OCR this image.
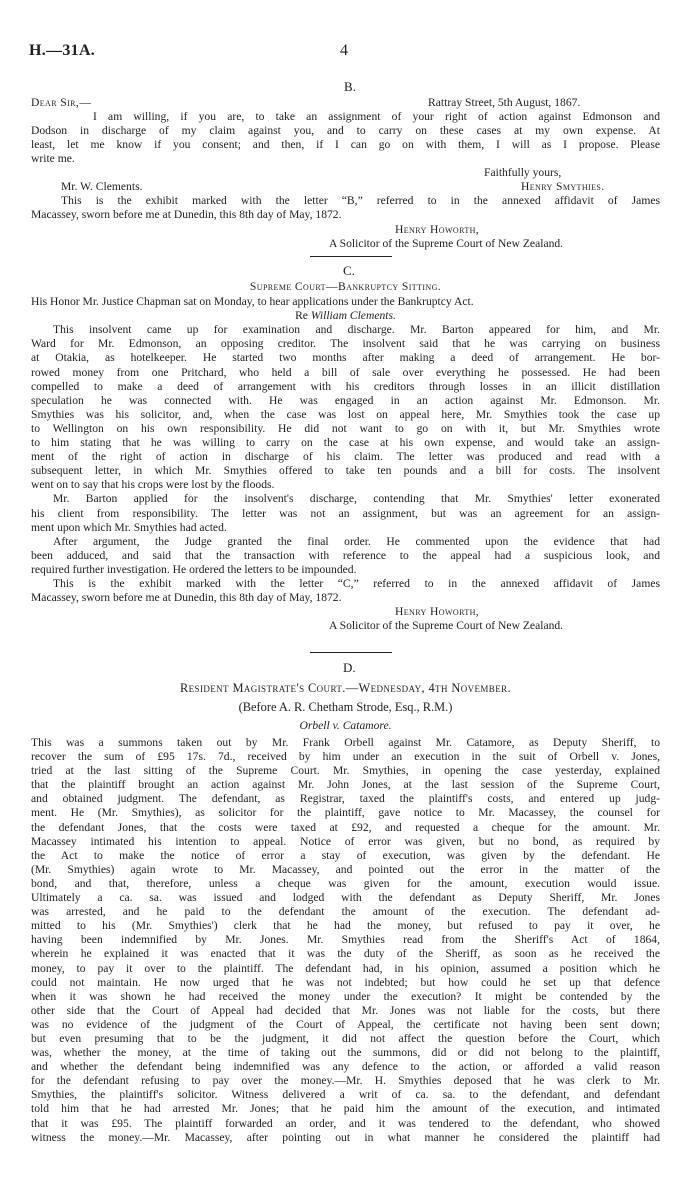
H.—31A.	4
B.
Dear Sir,—	Rattray Street, 5th August, 1867.

I am willing, if you are, to take an assignment of your right of action against Edmonson and

Dodson in discharge of my claim against you, and to carry on these cases at my own expense. At

least, let me know if you consent; and then, if I can go on with them, I will as I propose. Please

write me.

Faithfully yours,
Mr. W. Clements.	Henry Smythies.

This is the exhibit marked with the letter “B,” referred to in the annexed affidavit of James

Macassey, sworn before me at Dunedin, this 8th day of May, 1872.

Henry Howorth,
A Solicitor of the Supreme Court of New Zealand.
C.

Supreme Court—Bankruptcy Sitting.

His Honor Mr. Justice Chapman sat on Monday, to hear applications under the Bankruptcy Act.

Re William Clements.

This insolvent came up for examination and discharge. Mr. Barton appeared for him, and Mr.

Ward for Mr. Edmonson, an opposing creditor. The insolvent said that he was carrying on business

at Otakia, as hotelkeeper. He started two months after making a deed of arrangement. He bor-

rowed money from one Pritchard, who held a bill of sale over everything he possessed. He had been

compelled to make a deed of arrangement with his creditors through losses in an illicit distillation

speculation he was connected with. He was engaged in an action against Mr. Edmonson. Mr.

Smythies was his solicitor, and, when the case was lost on appeal here, Mr. Smythies took the case up

to Wellington on his own responsibility. He did not want to go on with it, but Mr. Smythies wrote

to him stating that he was willing to carry on the case at his own expense, and would take an assign-

ment of the right of action in discharge of his claim. The letter was produced and read with a

subsequent letter, in which Mr. Smythies offered to take ten pounds and a bill for costs. The insolvent

went on to say that his crops were lost by the floods.

Mr. Barton applied for the insolvent's discharge, contending that Mr. Smythies' letter exonerated

his client from responsibility. The letter was not an assignment, but was an agreement for an assign-

ment upon which Mr. Smythies had acted.

After argument, the Judge granted the final order. He commented upon the evidence that had

been adduced, and said that the transaction with reference to the appeal had a suspicious look, and

required further investigation. He ordered the letters to be impounded.

This is the exhibit marked with the letter “C,” referred to in the annexed affidavit of James

Macassey, sworn before me at Dunedin, this 8th day of May, 1872.

Henry Howorth,
A Solicitor of the Supreme Court of New Zealand.
D.

Resident Magistrate's Court.—Wednesday, 4th November.

(Before A. R. Chetham Strode, Esq., R.M.)

Orbell v. Catamore.

This was a summons taken out by Mr. Frank Orbell against Mr. Catamore, as Deputy Sheriff, to

recover the sum of £95 17s. 7d., received by him under an execution in the suit of Orbell v. Jones,

tried at the last sitting of the Supreme Court. Mr. Smythies, in opening the case yesterday, explained

that the plaintiff brought an action against Mr. John Jones, at the last session of the Supreme Court,

and obtained judgment. The defendant, as Registrar, taxed the plaintiff's costs, and entered up judg-

ment. He (Mr. Smythies), as solicitor for the plaintiff, gave notice to Mr. Macassey, the counsel for

the defendant Jones, that the costs were taxed at £92, and requested a cheque for the amount. Mr.

Macassey intimated his intention to appeal. Notice of error was given, but no bond, as required by

the Act to make the notice of error a stay of execution, was given by the defendant. He

(Mr. Smythies) again wrote to Mr. Macassey, and pointed out the error in the matter of the

bond, and that, therefore, unless a cheque was given for the amount, execution would issue.

Ultimately a ca. sa. was issued and lodged with the defendant as Deputy Sheriff, Mr. Jones

was arrested, and he paid to the defendant the amount of the execution. The defendant ad-

mitted to his (Mr. Smythies') clerk that he had the money, but refused to pay it over, he

having been indemnified by Mr. Jones. Mr. Smythies read from the Sheriff's Act of 1864,

wherein he explained it was enacted that it was the duty of the Sheriff, as soon as he received the

money, to pay it over to the plaintiff. The defendant had, in his opinion, assumed a position which he

could not maintain. He now urged that he was not indebted; but how could he set up that defence

when it was shown he had received the money under the execution? It might be contended by the

other side that the Court of Appeal had decided that Mr. Jones was not liable for the costs, but there

was no evidence of the judgment of the Court of Appeal, the certificate not having been sent down;

but even presuming that to be the judgment, it did not affect the question before the Court, which

was, whether the money, at the time of taking out the summons, did or did not belong to the plaintiff,

and whether the defendant being indemnified was any defence to the action, or afforded a valid reason

for the defendant refusing to pay over the money.—Mr. H. Smythies deposed that he was clerk to Mr.

Smythies, the plaintiff's solicitor. Witness delivered a writ of ca. sa. to the defendant, and defendant

told him that he had arrested Mr. Jones; that he paid him the amount of the execution, and intimated

that it was £95. The plaintiff forwarded an order, and it was tendered to the defendant, who showed

witness the money.—Mr. Macassey, after pointing out in what manner he considered the plaintiff had
